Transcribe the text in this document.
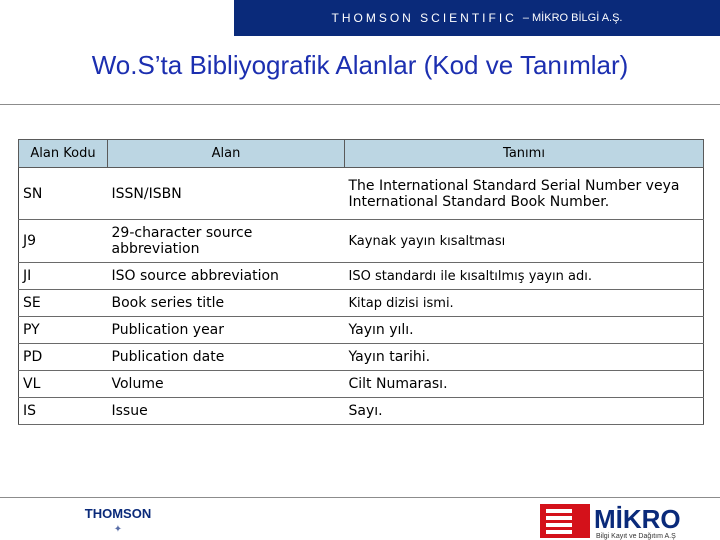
THOMSON SCIENTIFIC – MİKRO BİLGİ A.Ş.
Wo.S’ta Bibliyografik Alanlar (Kod ve Tanımlar)
Alan Kodu	Alan	Tanımı
SN	ISSN/ISBN	The International Standard Serial Number veya International Standard Book Number.
J9	29-character source abbreviation	Kaynak yayın kısaltması
JI	ISO source abbreviation	ISO standardı ile kısaltılmış yayın adı.
SE	Book series title	Kitap dizisi ismi.
PY	Publication year	Yayın yılı.
PD	Publication date	Yayın tarihi.
VL	Volume	Cilt Numarası.
IS	Issue	Sayı.
THOMSON
✦	MİKRO
Bilgi Kayıt ve Dağıtım A.Ş
